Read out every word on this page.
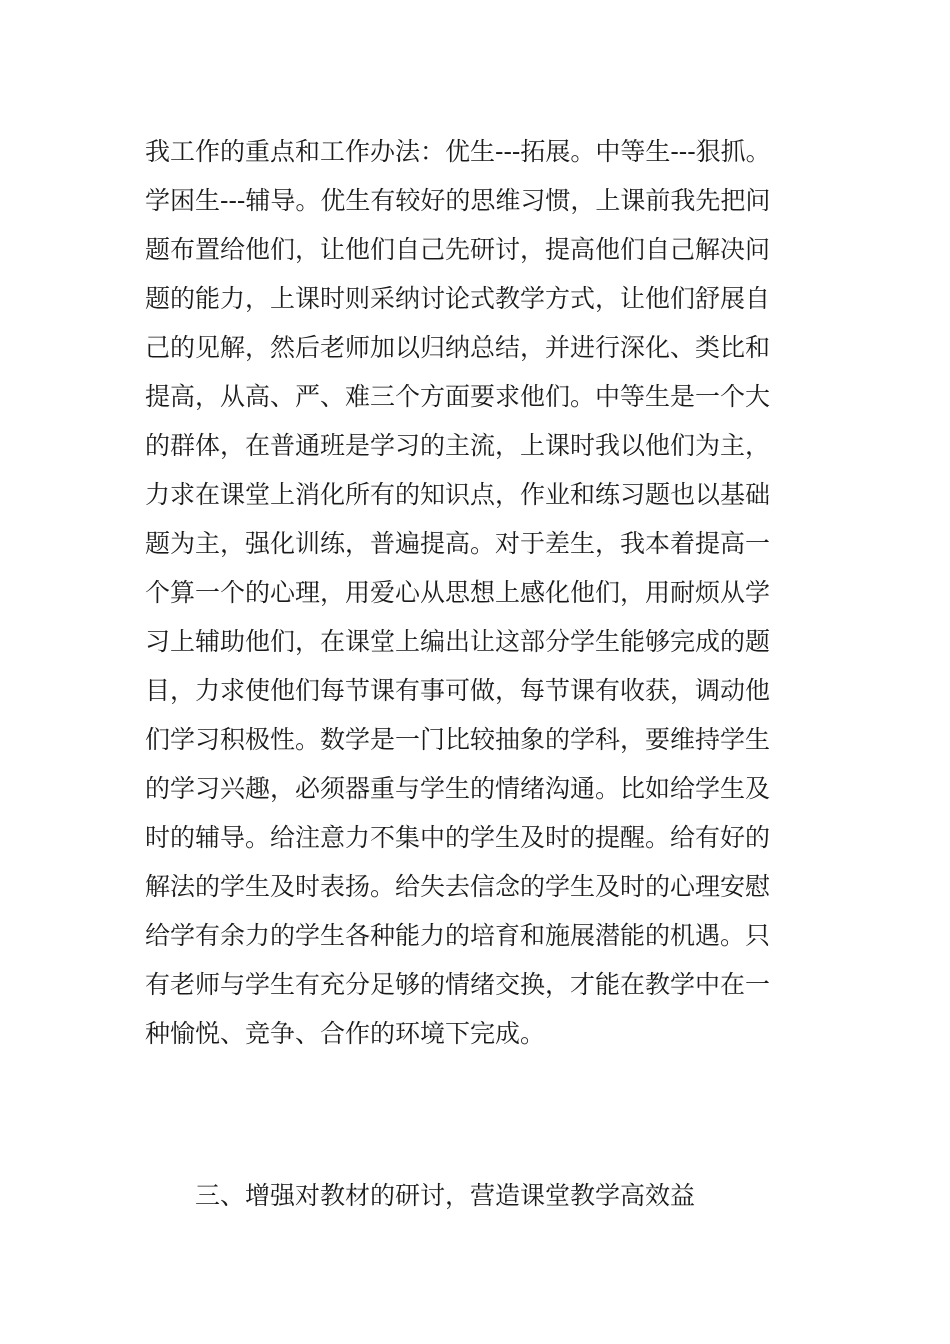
我工作的重点和工作办法：优生---拓展。中等生---狠抓。
学困生---辅导。优生有较好的思维习惯，上课前我先把问
题布置给他们，让他们自己先研讨，提高他们自己解决问
题的能力，上课时则采纳讨论式教学方式，让他们舒展自
己的见解，然后老师加以归纳总结，并进行深化、类比和
提高，从高、严、难三个方面要求他们。中等生是一个大
的群体，在普通班是学习的主流，上课时我以他们为主，
力求在课堂上消化所有的知识点，作业和练习题也以基础
题为主，强化训练，普遍提高。对于差生，我本着提高一
个算一个的心理，用爱心从思想上感化他们，用耐烦从学
习上辅助他们，在课堂上编出让这部分学生能够完成的题
目，力求使他们每节课有事可做，每节课有收获，调动他
们学习积极性。数学是一门比较抽象的学科，要维持学生
的学习兴趣，必须器重与学生的情绪沟通。比如给学生及
时的辅导。给注意力不集中的学生及时的提醒。给有好的
解法的学生及时表扬。给失去信念的学生及时的心理安慰
给学有余力的学生各种能力的培育和施展潜能的机遇。只
有老师与学生有充分足够的情绪交换，才能在教学中在一
种愉悦、竞争、合作的环境下完成。
三、增强对教材的研讨，营造课堂教学高效益
